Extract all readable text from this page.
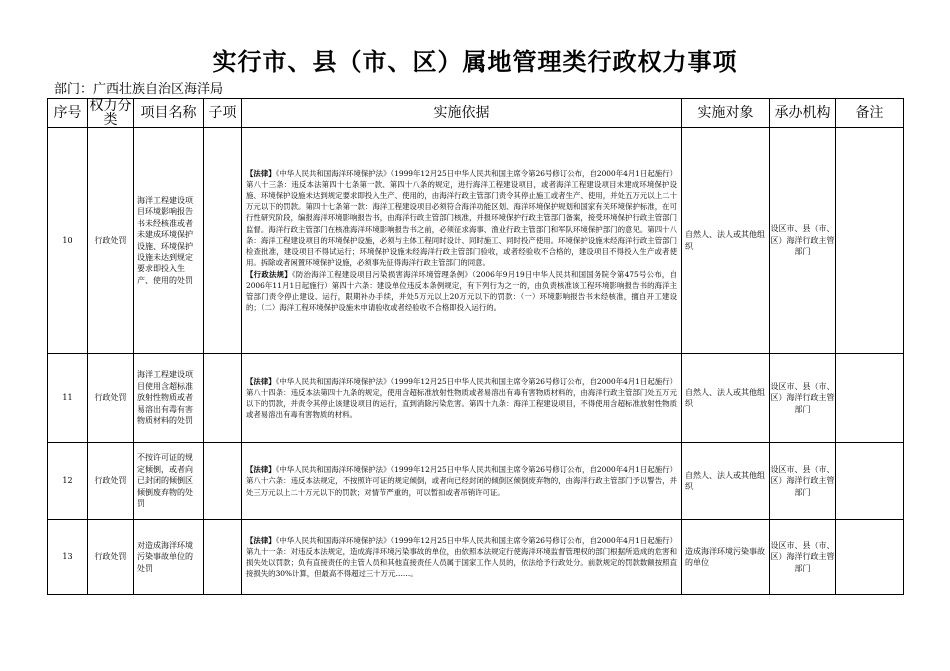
实行市、县（市、区）属地管理类行政权力事项
部门：广西壮族自治区海洋局
序号	权力分类	项目名称	子项	实施依据	实施对象	承办机构	备注
10	行政处罚	海洋工程建设项目环境影响报告书未经核准或者未建成环境保护设施、环境保护设施未达到规定要求即投入生产、使用的处罚		【法律】《中华人民共和国海洋环境保护法》（1999年12月25日中华人民共和国主席令第26号修订公布，自2000年4月1日起施行） 第八十三条：违反本法第四十七条第一款、第四十八条的规定，进行海洋工程建设项目，或者海洋工程建设项目未建成环境保护设施、环境保护设施未达到规定要求即投入生产、使用的，由海洋行政主管部门责令其停止施工或者生产、使用，并处五万元以上二十万元以下的罚款。第四十七条第一款：海洋工程建设项目必须符合海洋功能区划、海洋环境保护规划和国家有关环境保护标准，在可行性研究阶段，编报海洋环境影响报告书，由海洋行政主管部门核准，并报环境保护行政主管部门备案，接受环境保护行政主管部门监督。海洋行政主管部门在核准海洋环境影响报告书之前，必须征求海事、渔业行政主管部门和军队环境保护部门的意见。第四十八条：海洋工程建设项目的环境保护设施，必须与主体工程同时设计、同时施工、同时投产使用。环境保护设施未经海洋行政主管部门检查批准，建设项目不得试运行；环境保护设施未经海洋行政主管部门验收，或者经验收不合格的，建设项目不得投入生产或者使用。拆除或者闲置环境保护设施，必须事先征得海洋行政主管部门的同意。

【行政法规】《防治海洋工程建设项目污染损害海洋环境管理条例》（2006年9月19日中华人民共和国国务院令第475号公布，自2006年11月1日起施行）第四十六条：建设单位违反本条例规定，有下列行为之一的，由负责核准该工程环境影响报告书的海洋主管部门责令停止建设、运行，限期补办手续，并处5万元以上20万元以下的罚款：（一）环境影响报告书未经核准，擅自开工建设的；（二）海洋工程环境保护设施未申请验收或者经验收不合格即投入运行的。	自然人、法人或其他组织	设区市、县（市、区）海洋行政主管部门	
11	行政处罚	海洋工程建设项目使用含超标准放射性物质或者易溶出有毒有害物质材料的处罚		【法律】《中华人民共和国海洋环境保护法》（1999年12月25日中华人民共和国主席令第26号修订公布，自2000年4月1日起施行） 第八十四条：违反本法第四十九条的规定，使用含超标准放射性物质或者易溶出有毒有害物质材料的，由海洋行政主管部门处五万元以下的罚款，并责令其停止该建设项目的运行，直到消除污染危害。第四十九条：海洋工程建设项目，不得使用含超标准放射性物质或者易溶出有毒有害物质的材料。	自然人、法人或其他组织	设区市、县（市、区）海洋行政主管部门	
12	行政处罚	不按许可证的规定倾倒，或者向已封闭的倾倒区倾倒废弃物的处罚		【法律】《中华人民共和国海洋环境保护法》（1999年12月25日中华人民共和国主席令第26号修订公布，自2000年4月1日起施行） 第八十六条：违反本法规定，不按照许可证的规定倾倒，或者向已经封闭的倾倒区倾倒废弃物的，由海洋行政主管部门予以警告，并处三万元以上二十万元以下的罚款；对情节严重的，可以暂扣或者吊销许可证。	自然人、法人或其他组织	设区市、县（市、区）海洋行政主管部门	
13	行政处罚	对造成海洋环境污染事故单位的处罚		【法律】《中华人民共和国海洋环境保护法》（1999年12月25日中华人民共和国主席令第26号修订公布，自2000年4月1日起施行） 第九十一条：对违反本法规定，造成海洋环境污染事故的单位，由依照本法规定行使海洋环境监督管理权的部门根据所造成的危害和损失处以罚款；负有直接责任的主管人员和其他直接责任人员属于国家工作人员的，依法给予行政处分。前款规定的罚款数额按照直接损失的30%计算，但最高不得超过三十万元……。	造成海洋环境污染事故的单位	设区市、县（市、区）海洋行政主管部门	
